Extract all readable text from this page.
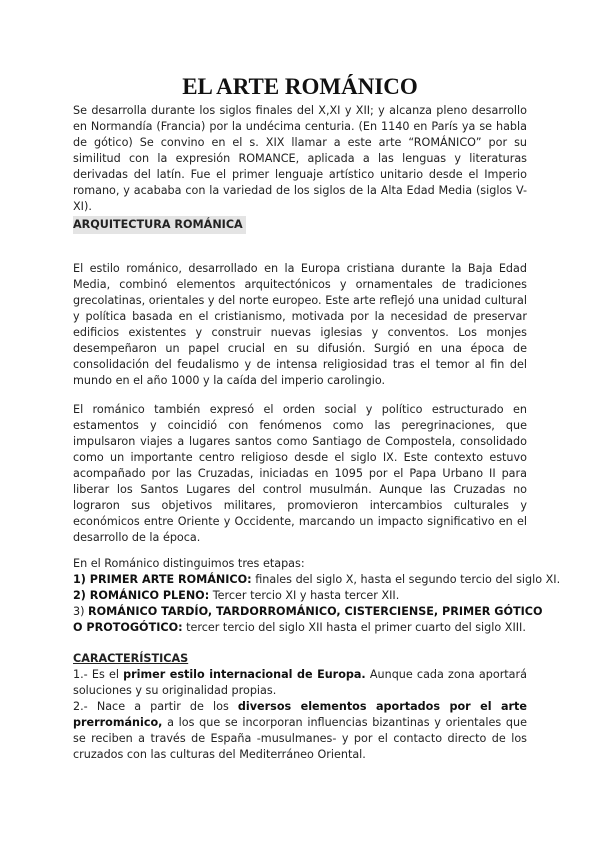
EL ARTE ROMÁNICO
Se desarrolla durante los siglos finales del X,XI y XII; y alcanza pleno desarrollo en Normandía (Francia) por la undécima centuria. (En 1140 en París ya se habla de gótico) Se convino en el s. XIX llamar a este arte “ROMÁNICO” por su similitud con la expresión ROMANCE, aplicada a las lenguas y literaturas derivadas del latín. Fue el primer lenguaje artístico unitario desde el Imperio romano, y acababa con la variedad de los siglos de la Alta Edad Media (siglos V-XI).
ARQUITECTURA ROMÁNICA
El estilo románico, desarrollado en la Europa cristiana durante la Baja Edad Media, combinó elementos arquitectónicos y ornamentales de tradiciones grecolatinas, orientales y del norte europeo. Este arte reflejó una unidad cultural y política basada en el cristianismo, motivada por la necesidad de preservar edificios existentes y construir nuevas iglesias y conventos. Los monjes desempeñaron un papel crucial en su difusión. Surgió en una época de consolidación del feudalismo y de intensa religiosidad tras el temor al fin del mundo en el año 1000 y la caída del imperio carolingio.
El románico también expresó el orden social y político estructurado en estamentos y coincidió con fenómenos como las peregrinaciones, que impulsaron viajes a lugares santos como Santiago de Compostela, consolidado como un importante centro religioso desde el siglo IX. Este contexto estuvo acompañado por las Cruzadas, iniciadas en 1095 por el Papa Urbano II para liberar los Santos Lugares del control musulmán. Aunque las Cruzadas no lograron sus objetivos militares, promovieron intercambios culturales y económicos entre Oriente y Occidente, marcando un impacto significativo en el desarrollo de la época.
En el Románico distinguimos tres etapas:
1) PRIMER ARTE ROMÁNICO: finales del siglo X, hasta el segundo tercio del siglo XI.
2) ROMÁNICO PLENO: Tercer tercio XI y hasta tercer XII.
3) ROMÁNICO TARDÍO, TARDORROMÁNICO, CISTERCIENSE, PRIMER GÓTICO
O PROTOGÓTICO: tercer tercio del siglo XII hasta el primer cuarto del siglo XIII.
CARACTERÍSTICAS
1.- Es el primer estilo internacional de Europa. Aunque cada zona aportará soluciones y su originalidad propias.
2.- Nace a partir de los diversos elementos aportados por el arte prerrománico, a los que se incorporan influencias bizantinas y orientales que se reciben a través de España -musulmanes- y por el contacto directo de los cruzados con las culturas del Mediterráneo Oriental.
